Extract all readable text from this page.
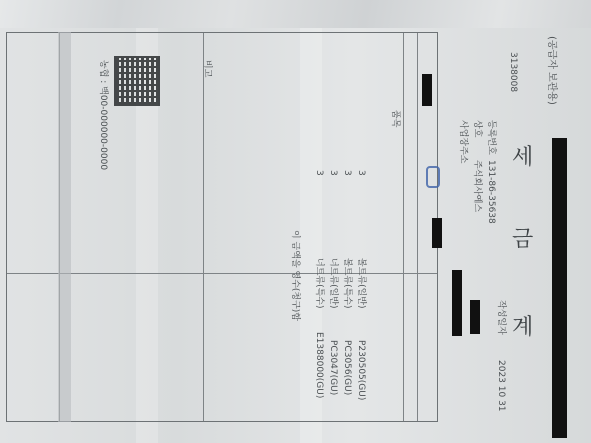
(공급자 보관용)
세
금
계
3138008
등록번호
131-86-35638
주식회사예스
상호
사업장주소
작성일자
2023 10 31
품목
볼트류(일반)
P230505(GU)
3
볼트류(특수)
PC3056(GU)
3
너트류(일반)
PC3047(GU)
3
너트류(특수)
E1388000(GU)
3
이 금액을 영수(청구)함
비고
농협 : 백00-000000-0000
